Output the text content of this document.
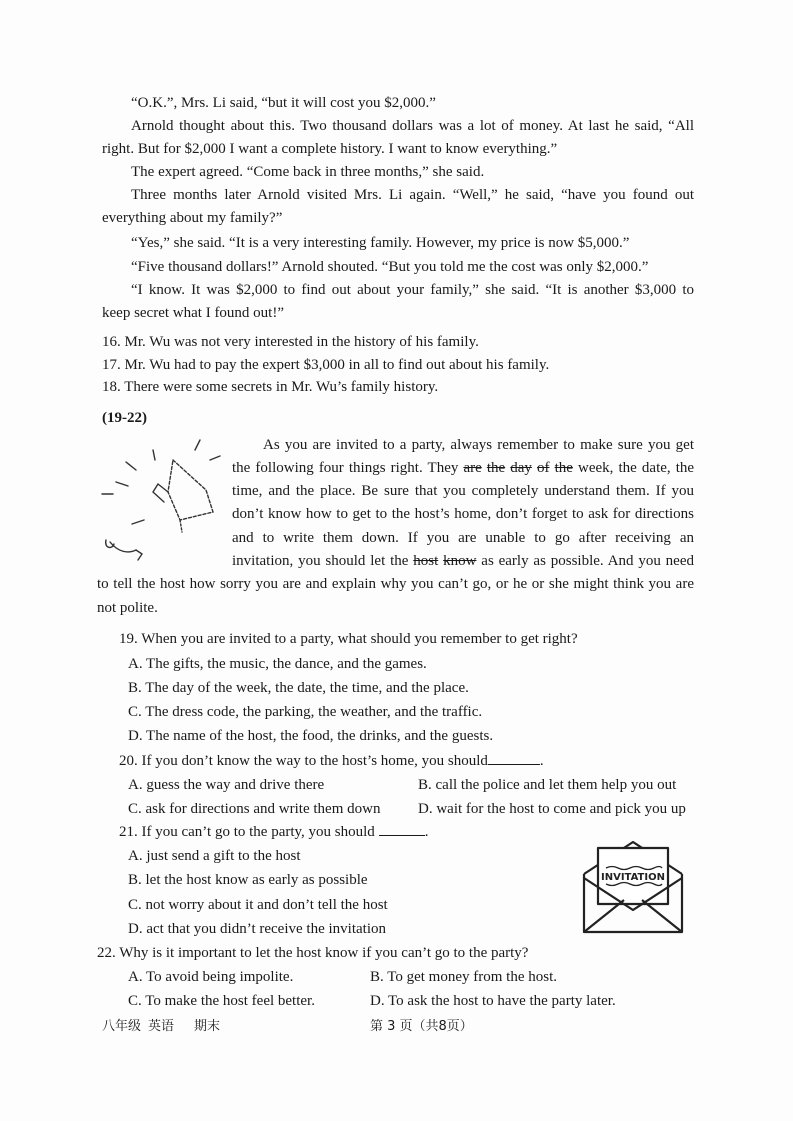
“O.K.”, Mrs. Li said, “but it will cost you $2,000.”
Arnold thought about this. Two thousand dollars was a lot of money. At last he said, “All
right. But for $2,000 I want a complete history. I want to know everything.”
The expert agreed. “Come back in three months,” she said.
Three months later Arnold visited Mrs. Li again. “Well,” he said, “have you found out
everything about my family?”
“Yes,” she said. “It is a very interesting family. However, my price is now $5,000.”
“Five thousand dollars!” Arnold shouted. “But you told me the cost was only $2,000.”
“I know. It was $2,000 to find out about your family,” she said. “It is another $3,000 to
keep secret what I found out!”
16. Mr. Wu was not very interested in the history of his family.
17. Mr. Wu had to pay the expert $3,000 in all to find out about his family.
18. There were some secrets in Mr. Wu’s family history.
(19-22)
As you are invited to a party, always remember to make sure you get
the following four things right. They are the day of the week, the date, the
time, and the place. Be sure that you completely understand them. If you
don’t know how to get to the host’s home, don’t forget to ask for directions
and to write them down. If you are unable to go after receiving an
invitation, you should let the host know as early as possible. And you need
to tell the host how sorry you are and explain why you can’t go, or he or she might think you are
not polite.
19. When you are invited to a party, what should you remember to get right?
A. The gifts, the music, the dance, and the games.
B. The day of the week, the date, the time, and the place.
C. The dress code, the parking, the weather, and the traffic.
D. The name of the host, the food, the drinks, and the guests.
20. If you don’t know the way to the host’s home, you should	.
A. guess the way and drive there	B. call the police and let them help you out
C. ask for directions and write them down	D. wait for the host to come and pick you up
21. If you can’t go to the party, you should	.
A. just send a gift to the host
B. let the host know as early as possible
C. not worry about it and don’t tell the host
D. act that you didn’t receive the invitation
INVITATION
22. Why is it important to let the host know if you can’t go to the party?
A. To avoid being impolite.	B. To get money from the host.
C. To make the host feel better.	D. To ask the host to have the party later.
八年级 英语 期末	第 3 页（共8页）
